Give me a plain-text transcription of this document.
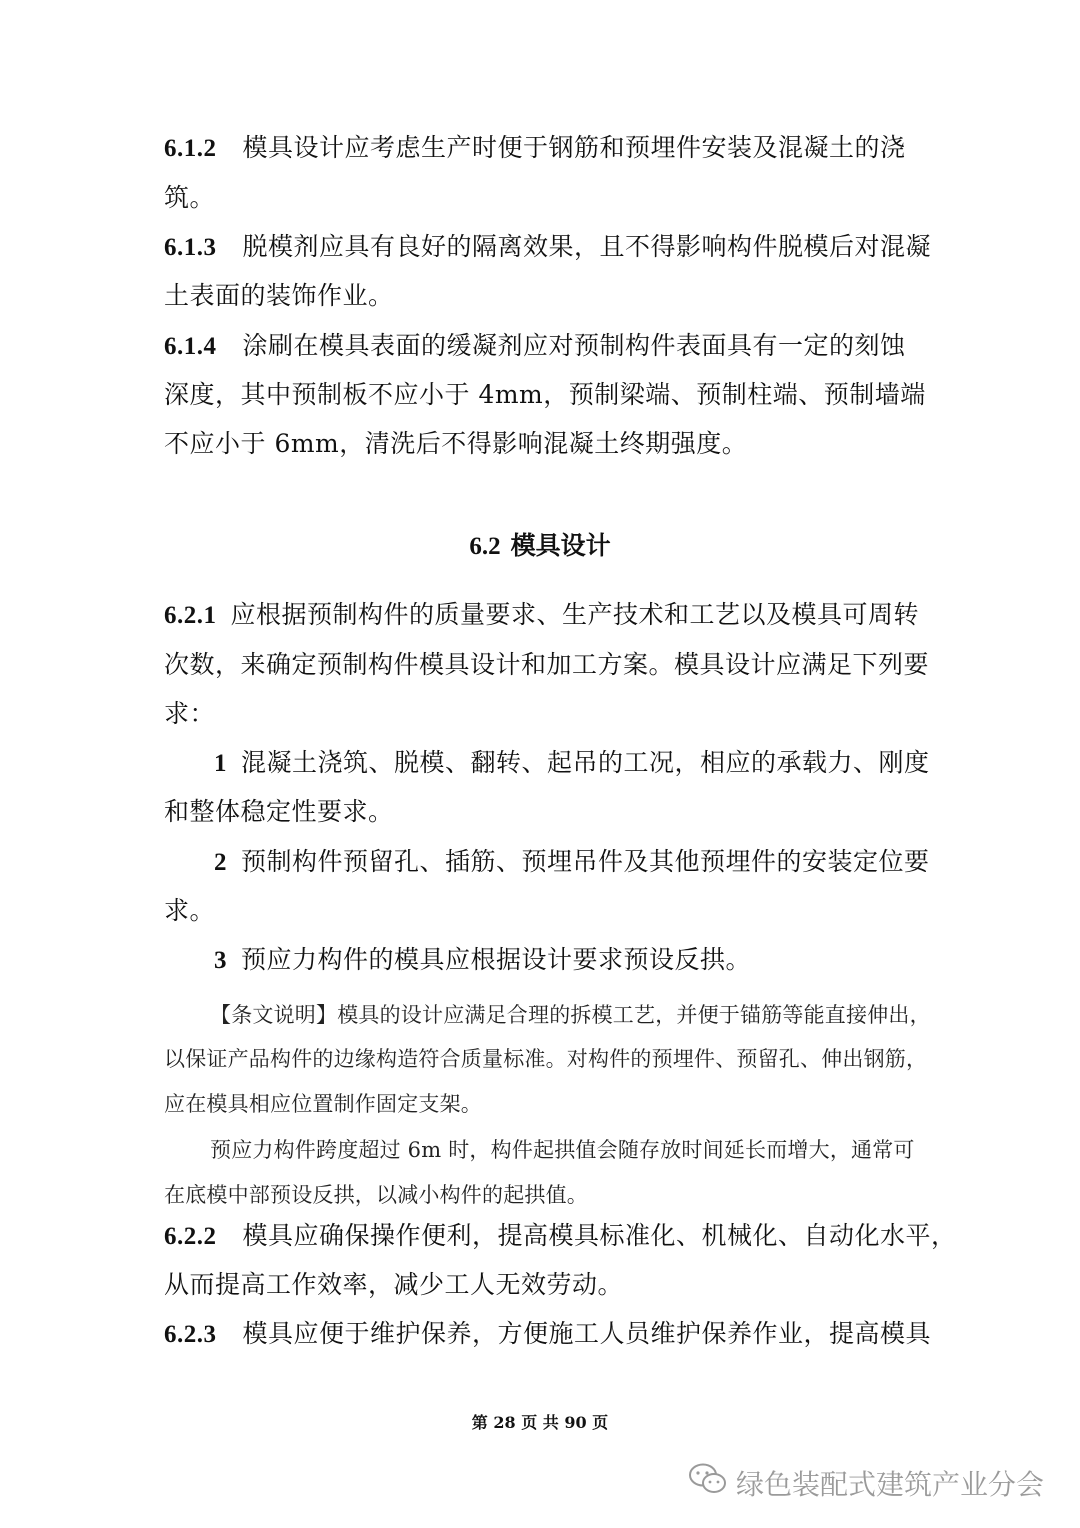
6.1.2 模具设计应考虑生产时便于钢筋和预埋件安装及混凝土的浇
筑。
6.1.3 脱模剂应具有良好的隔离效果，且不得影响构件脱模后对混凝
土表面的装饰作业。
6.1.4 涂刷在模具表面的缓凝剂应对预制构件表面具有一定的刻蚀
深度，其中预制板不应小于 4mm，预制梁端、预制柱端、预制墙端
不应小于 6mm，清洗后不得影响混凝土终期强度。
6.2 模具设计
6.2.1 应根据预制构件的质量要求、生产技术和工艺以及模具可周转
次数，来确定预制构件模具设计和加工方案。模具设计应满足下列要
求：
1 混凝土浇筑、脱模、翻转、起吊的工况，相应的承载力、刚度
和整体稳定性要求。
2 预制构件预留孔、插筋、预埋吊件及其他预埋件的安装定位要
求。
3 预应力构件的模具应根据设计要求预设反拱。
【条文说明】模具的设计应满足合理的拆模工艺，并便于锚筋等能直接伸出，
以保证产品构件的边缘构造符合质量标准。对构件的预埋件、预留孔、伸出钢筋，
应在模具相应位置制作固定支架。
预应力构件跨度超过 6m 时，构件起拱值会随存放时间延长而增大，通常可
在底模中部预设反拱，以减小构件的起拱值。
6.2.2 模具应确保操作便利，提高模具标准化、机械化、自动化水平，
从而提高工作效率，减少工人无效劳动。
6.2.3 模具应便于维护保养，方便施工人员维护保养作业，提高模具
第 28 页 共 90 页
绿色装配式建筑产业分会
